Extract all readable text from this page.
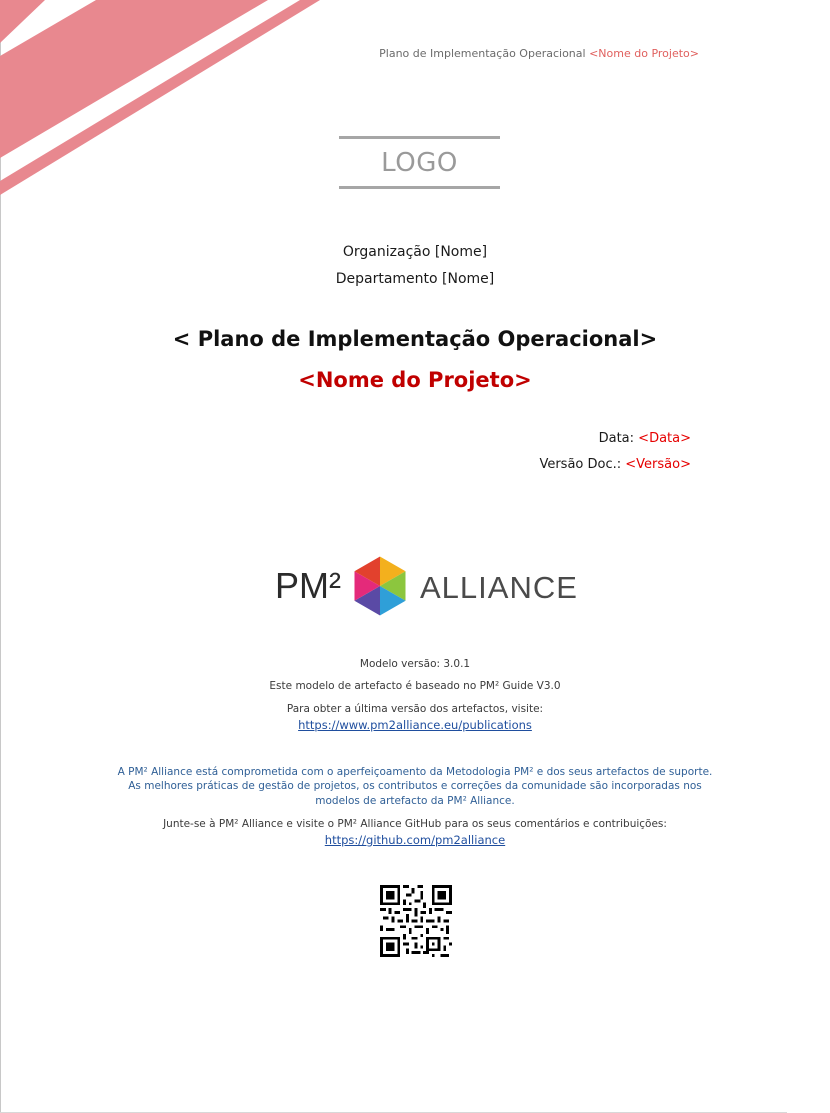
Plano de Implementação Operacional <Nome do Projeto>
LOGO
Organização [Nome]
Departamento [Nome]
< Plano de Implementação Operacional>
<Nome do Projeto>
Data: <Data>
Versão Doc.: <Versão>
PM²	ALLIANCE
Modelo versão: 3.0.1
Este modelo de artefacto é baseado no PM² Guide V3.0
Para obter a última versão dos artefactos, visite:
https://www.pm2alliance.eu/publications
A PM² Alliance está comprometida com o aperfeiçoamento da Metodologia PM² e dos seus artefactos de suporte.
As melhores práticas de gestão de projetos, os contributos e correções da comunidade são incorporadas nos
modelos de artefacto da PM² Alliance.
Junte-se à PM² Alliance e visite o PM² Alliance GitHub para os seus comentários e contribuições:
https://github.com/pm2alliance
